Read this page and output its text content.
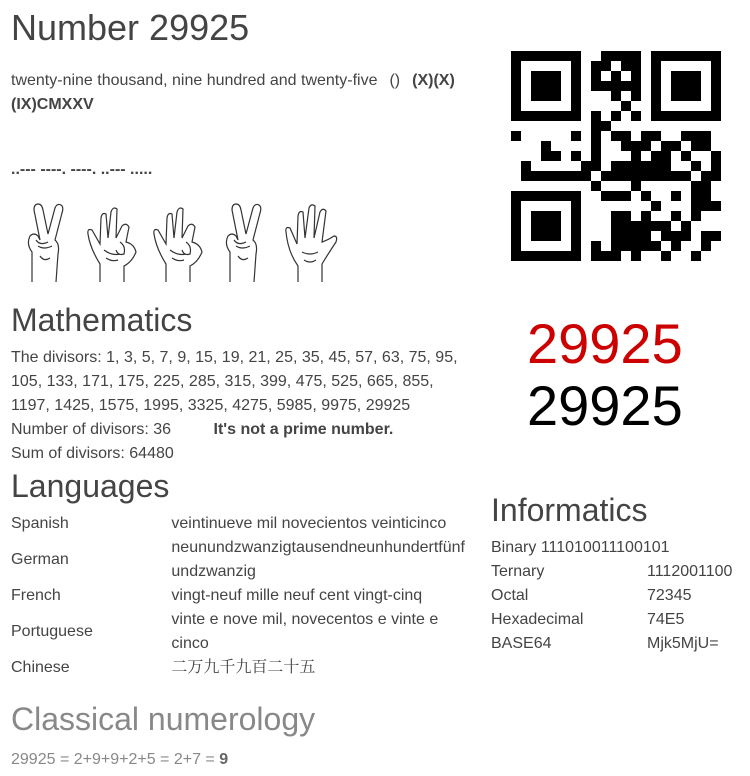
Number 29925
twenty-nine thousand, nine hundred and twenty-five () (X)(X)(IX)CMXXV
..--- ----. ----. ..--- .....
29925
29925
Mathematics
The divisors: 1, 3, 5, 7, 9, 15, 19, 21, 25, 35, 45, 57, 63, 75, 95, 105, 133, 171, 175, 225, 285, 315, 399, 475, 525, 665, 855, 1197, 1425, 1575, 1995, 3325, 4275, 5985, 9975, 29925
Number of divisors: 36	It's not a prime number.
Sum of divisors: 64480
Languages
Spanish	veintinueve mil novecientos veinticinco
German	neunundzwanzigtausendneunhundertfünf undzwanzig
French	vingt-neuf mille neuf cent vingt-cinq
Portuguese	vinte e nove mil, novecentos e vinte e cinco
Chinese	二万九千九百二十五
Informatics
Binary 111010011100101	
Ternary	1112001100
Octal	72345
Hexadecimal	74E5
BASE64	Mjk5MjU=
Classical numerology
29925 = 2+9+9+2+5 = 2+7 = 9
